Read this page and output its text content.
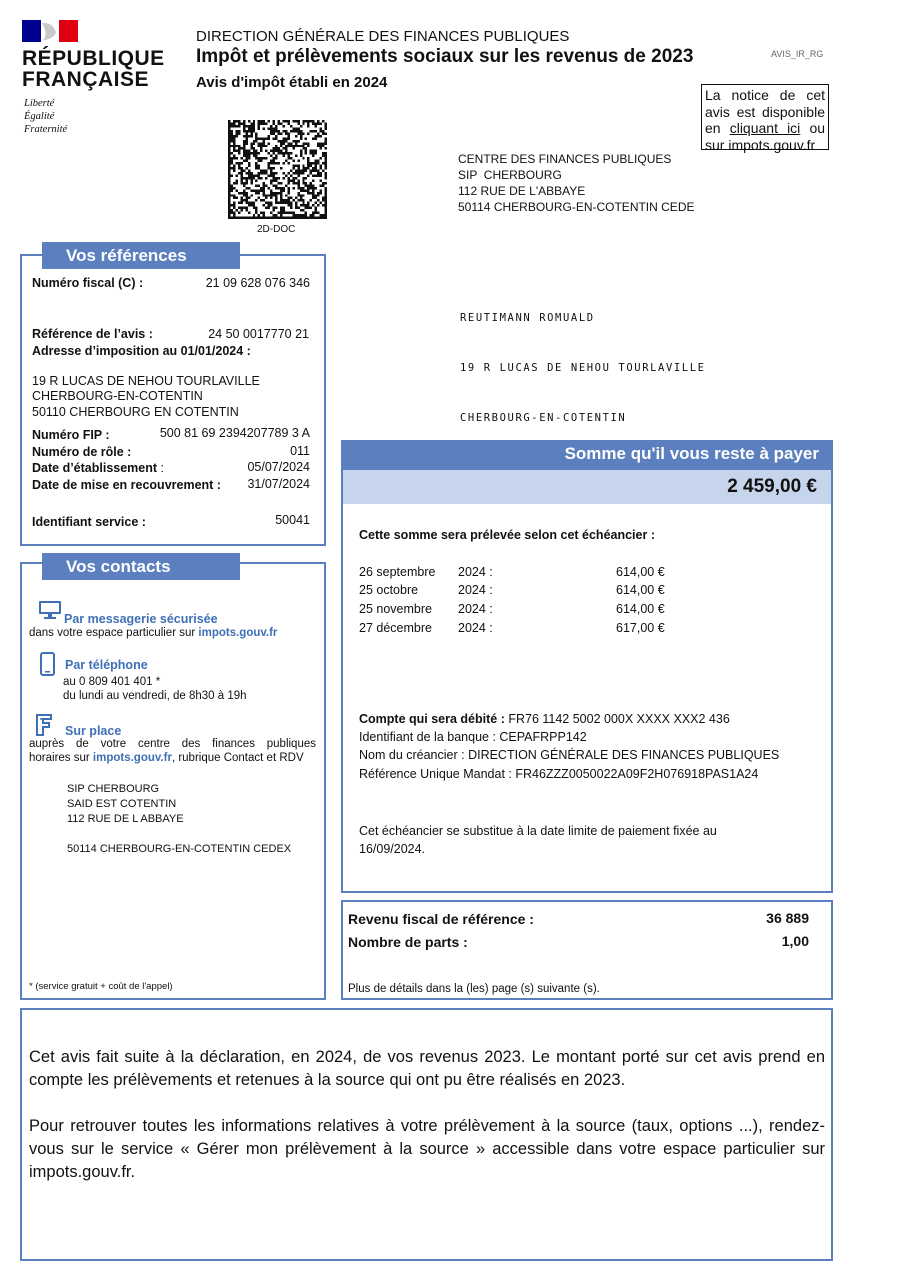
RÉPUBLIQUE
FRANÇAISE
Liberté
Égalité
Fraternité
DIRECTION GÉNÉRALE DES FINANCES PUBLIQUES
Impôt et prélèvements sociaux sur les revenus de 2023
Avis d'impôt établi en 2024
AVIS_IR_RG
La notice de cet avis est disponible en cliquant ici ou sur impots.gouv.fr
2D-DOC
CENTRE DES FINANCES PUBLIQUES
SIP  CHERBOURG
112 RUE DE L'ABBAYE
50114 CHERBOURG-EN-COTENTIN CEDE

REUTIMANN ROMUALD

19 R LUCAS DE NEHOU TOURLAVILLE

CHERBOURG-EN-COTENTIN

Vos références
Numéro fiscal (C) :	21 09 628 076 346
Référence de l’avis :	24 50 0017770 21
Adresse d’imposition au 01/01/2024 :
19 R LUCAS DE NEHOU TOURLAVILLE
CHERBOURG-EN-COTENTIN
50110 CHERBOURG EN COTENTIN
Numéro FIP :	500 81 69 2394207789 3 A
Numéro de rôle :	011
Date d’établissement :	05/07/2024
Date de mise en recouvrement : 31/07/2024
Identifiant service :	50041
Vos contacts
Par messagerie sécurisée
dans votre espace particulier sur impots.gouv.fr
Par téléphone
au 0 809 401 401 *
du lundi au vendredi, de 8h30 à 19h
Sur place
auprès de votre centre des finances publiques
horaires sur impots.gouv.fr, rubrique Contact et RDV
SIP CHERBOURG
SAID EST COTENTIN
112 RUE DE L ABBAYE
50114 CHERBOURG-EN-COTENTIN CEDEX
* (service gratuit + coût de l'appel)
Somme qu'il vous reste à payer
2 459,00 €
Cette somme sera prélevée selon cet échéancier :
26 septembre 2024 :	614,00 €
25 octobre	2024 :	614,00 €
25 novembre 2024 :	614,00 €
27 décembre 2024 :	617,00 €
Compte qui sera débité : FR76 1142 5002 000X XXXX XXX2 436
Identifiant de la banque : CEPAFRPP142
Nom du créancier : DIRECTION GÉNÉRALE DES FINANCES PUBLIQUES
Référence Unique Mandat : FR46ZZZ0050022A09F2H076918PAS1A24
Cet échéancier se substitue à la date limite de paiement fixée au 16/09/2024.
Revenu fiscal de référence :	36 889
Nombre de parts :	1,00
Plus de détails dans la (les) page (s) suivante (s).
Cet avis fait suite à la déclaration, en 2024, de vos revenus 2023. Le montant porté sur cet avis prend en compte les prélèvements et retenues à la source qui ont pu être réalisés en 2023.
Pour retrouver toutes les informations relatives à votre prélèvement à la source (taux, options ...), rendez-vous sur le service « Gérer mon prélèvement à la source » accessible dans votre espace particulier sur impots.gouv.fr.
